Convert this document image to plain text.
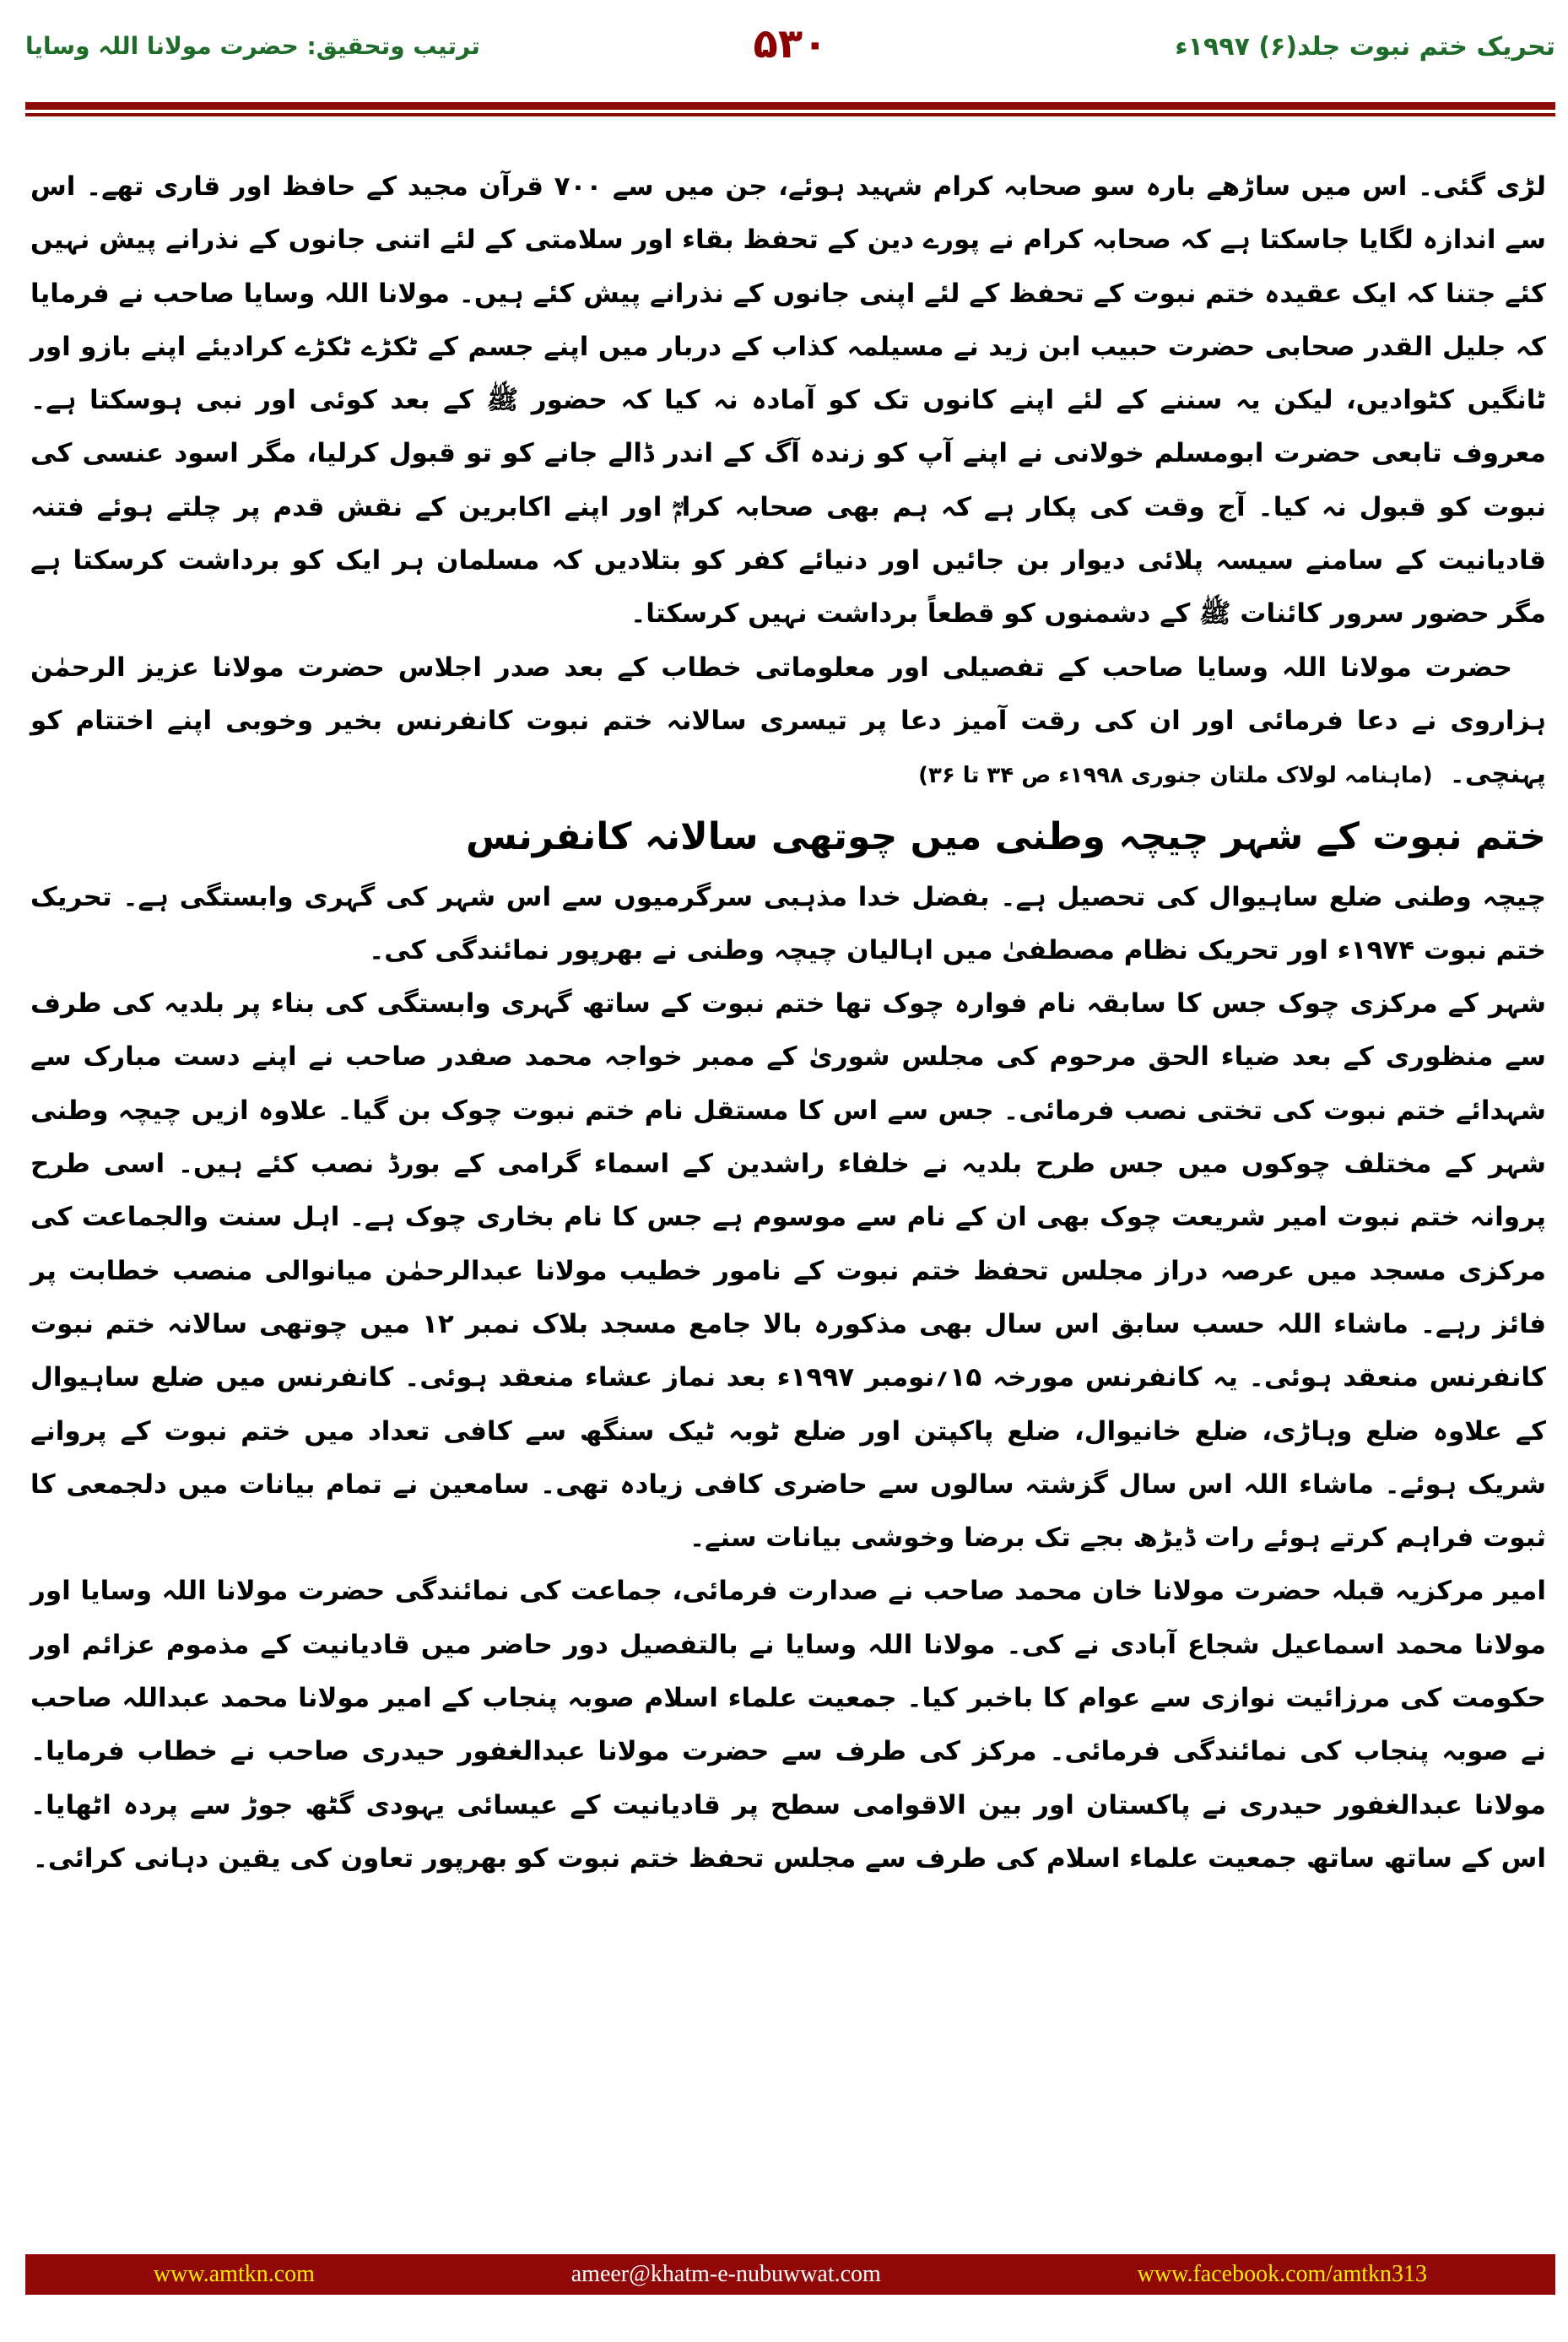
تحریک ختم نبوت جلد(۶) ۱۹۹۷ء
۵۳۰
ترتیب وتحقیق: حضرت مولانا اللہ وسایا

لڑی گئی۔ اس میں ساڑھے بارہ سو صحابہ کرام شہید ہوئے، جن میں سے ۷۰۰ قرآن مجید کے حافظ اور قاری تھے۔ اس سے اندازہ لگایا جاسکتا ہے کہ صحابہ کرام نے پورے دین کے تحفظ بقاء اور سلامتی کے لئے اتنی جانوں کے نذرانے پیش نہیں کئے جتنا کہ ایک عقیدہ ختم نبوت کے تحفظ کے لئے اپنی جانوں کے نذرانے پیش کئے ہیں۔ مولانا اللہ وسایا صاحب نے فرمایا کہ جلیل القدر صحابی حضرت حبیب ابن زید نے مسیلمہ کذاب کے دربار میں اپنے جسم کے ٹکڑے ٹکڑے کرادیئے اپنے بازو اور ٹانگیں کٹوادیں، لیکن یہ سننے کے لئے اپنے کانوں تک کو آمادہ نہ کیا کہ حضور ﷺ کے بعد کوئی اور نبی ہوسکتا ہے۔ معروف تابعی حضرت ابومسلم خولانی نے اپنے آپ کو زندہ آگ کے اندر ڈالے جانے کو تو قبول کرلیا، مگر اسود عنسی کی نبوت کو قبول نہ کیا۔ آج وقت کی پکار ہے کہ ہم بھی صحابہ کرامؓ اور اپنے اکابرین کے نقش قدم پر چلتے ہوئے فتنہ قادیانیت کے سامنے سیسہ پلائی دیوار بن جائیں اور دنیائے کفر کو بتلادیں کہ مسلمان ہر ایک کو برداشت کرسکتا ہے مگر حضور سرور کائنات ﷺ کے دشمنوں کو قطعاً برداشت نہیں کرسکتا۔

حضرت مولانا اللہ وسایا صاحب کے تفصیلی اور معلوماتی خطاب کے بعد صدر اجلاس حضرت مولانا عزیز الرحمٰن ہزاروی نے دعا فرمائی اور ان کی رقت آمیز دعا پر تیسری سالانہ ختم نبوت کانفرنس بخیر وخوبی اپنے اختتام کو پہنچی۔(ماہنامہ لولاک ملتان جنوری ۱۹۹۸ء ص ۳۴ تا ۳۶)

ختم نبوت کے شہر چیچہ وطنی میں چوتھی سالانہ کانفرنس

چیچہ وطنی ضلع ساہیوال کی تحصیل ہے۔ بفضل خدا مذہبی سرگرمیوں سے اس شہر کی گہری وابستگی ہے۔ تحریک ختم نبوت ۱۹۷۴ء اور تحریک نظام مصطفیٰ میں اہالیان چیچہ وطنی نے بھرپور نمائندگی کی۔

شہر کے مرکزی چوک جس کا سابقہ نام فوارہ چوک تھا ختم نبوت کے ساتھ گہری وابستگی کی بناء پر بلدیہ کی طرف سے منظوری کے بعد ضیاء الحق مرحوم کی مجلس شوریٰ کے ممبر خواجہ محمد صفدر صاحب نے اپنے دست مبارک سے شہدائے ختم نبوت کی تختی نصب فرمائی۔ جس سے اس کا مستقل نام ختم نبوت چوک بن گیا۔ علاوہ ازیں چیچہ وطنی شہر کے مختلف چوکوں میں جس طرح بلدیہ نے خلفاء راشدین کے اسماء گرامی کے بورڈ نصب کئے ہیں۔ اسی طرح پروانہ ختم نبوت امیر شریعت چوک بھی ان کے نام سے موسوم ہے جس کا نام بخاری چوک ہے۔ اہل سنت والجماعت کی مرکزی مسجد میں عرصہ دراز مجلس تحفظ ختم نبوت کے نامور خطیب مولانا عبدالرحمٰن میانوالی منصب خطابت پر فائز رہے۔ ماشاء اللہ حسب سابق اس سال بھی مذکورہ بالا جامع مسجد بلاک نمبر ۱۲ میں چوتھی سالانہ ختم نبوت کانفرنس منعقد ہوئی۔ یہ کانفرنس مورخہ ۱۵؍نومبر ۱۹۹۷ء بعد نماز عشاء منعقد ہوئی۔ کانفرنس میں ضلع ساہیوال کے علاوہ ضلع وہاڑی، ضلع خانیوال، ضلع پاکپتن اور ضلع ٹوبہ ٹیک سنگھ سے کافی تعداد میں ختم نبوت کے پروانے شریک ہوئے۔ ماشاء اللہ اس سال گزشتہ سالوں سے حاضری کافی زیادہ تھی۔ سامعین نے تمام بیانات میں دلجمعی کا ثبوت فراہم کرتے ہوئے رات ڈیڑھ بجے تک برضا وخوشی بیانات سنے۔

امیر مرکزیہ قبلہ حضرت مولانا خان محمد صاحب نے صدارت فرمائی، جماعت کی نمائندگی حضرت مولانا اللہ وسایا اور مولانا محمد اسماعیل شجاع آبادی نے کی۔ مولانا اللہ وسایا نے بالتفصیل دور حاضر میں قادیانیت کے مذموم عزائم اور حکومت کی مرزائیت نوازی سے عوام کا باخبر کیا۔ جمعیت علماء اسلام صوبہ پنجاب کے امیر مولانا محمد عبداللہ صاحب نے صوبہ پنجاب کی نمائندگی فرمائی۔ مرکز کی طرف سے حضرت مولانا عبدالغفور حیدری صاحب نے خطاب فرمایا۔ مولانا عبدالغفور حیدری نے پاکستان اور بین الاقوامی سطح پر قادیانیت کے عیسائی یہودی گٹھ جوڑ سے پردہ اٹھایا۔ اس کے ساتھ ساتھ جمعیت علماء اسلام کی طرف سے مجلس تحفظ ختم نبوت کو بھرپور تعاون کی یقین دہانی کرائی۔

www.amtkn.com	ameer@khatm-e-nubuwwat.com	www.facebook.com/amtkn313
